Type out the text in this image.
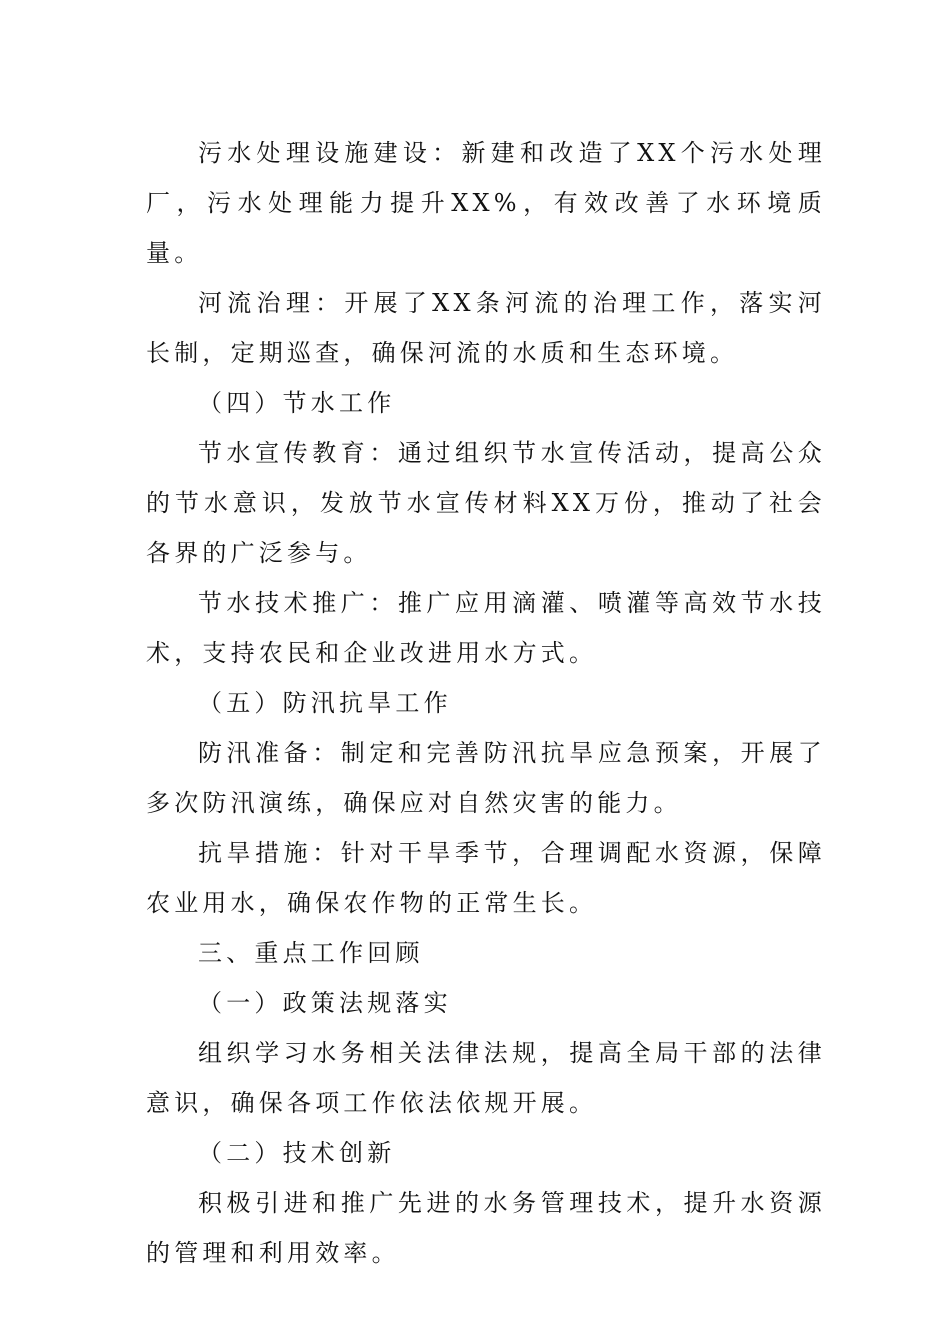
污水处理设施建设：新建和改造了XX个污水处理厂，污水处理能力提升XX%，有效改善了水环境质量。

河流治理：开展了XX条河流的治理工作，落实河长制，定期巡查，确保河流的水质和生态环境。

（四）节水工作

节水宣传教育：通过组织节水宣传活动，提高公众的节水意识，发放节水宣传材料XX万份，推动了社会各界的广泛参与。

节水技术推广：推广应用滴灌、喷灌等高效节水技术，支持农民和企业改进用水方式。

（五）防汛抗旱工作

防汛准备：制定和完善防汛抗旱应急预案，开展了多次防汛演练，确保应对自然灾害的能力。

抗旱措施：针对干旱季节，合理调配水资源，保障农业用水，确保农作物的正常生长。

三、重点工作回顾

（一）政策法规落实

组织学习水务相关法律法规，提高全局干部的法律意识，确保各项工作依法依规开展。

（二）技术创新

积极引进和推广先进的水务管理技术，提升水资源的管理和利用效率。
